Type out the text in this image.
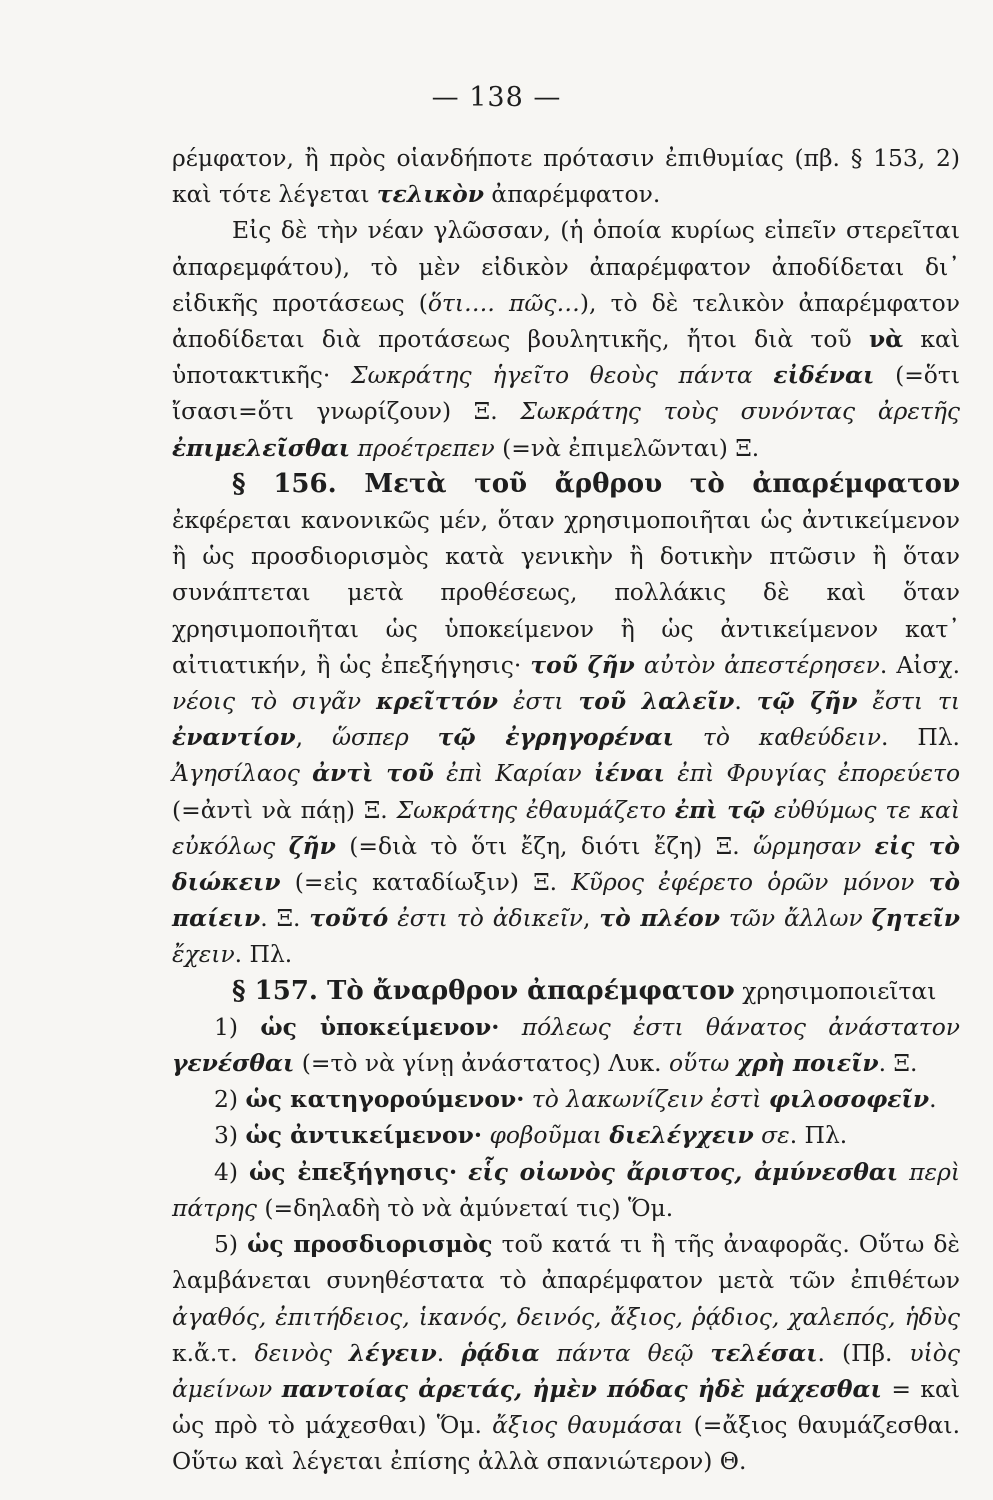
— 138 —

ρέμφατον, ἢ πρὸς οἱανδήποτε πρότασιν ἐπιθυμίας (πβ. § 153, 2) καὶ τότε λέγεται τελικὸν ἀπαρέμφατον.

Εἰς δὲ τὴν νέαν γλῶσσαν, (ἡ ὁποία κυρίως εἰπεῖν στερεῖται ἀπαρεμφάτου), τὸ μὲν εἰδικὸν ἀπαρέμφατον ἀποδίδεται δι᾽ εἰδικῆς προτάσεως (ὅτι…. πῶς…), τὸ δὲ τελικὸν ἀπαρέμφατον ἀποδίδεται διὰ προτάσεως βουλητικῆς, ἤτοι διὰ τοῦ νὰ καὶ ὑποτακτικῆς· Σωκράτης ἡγεῖτο θεοὺς πάντα εἰδέναι (=ὅτι ἴσασι=ὅτι γνωρίζουν) Ξ. Σωκράτης τοὺς συνόντας ἀρετῆς ἐπιμελεῖσθαι προέτρεπεν (=νὰ ἐπιμελῶνται) Ξ.

§ 156. Μετὰ τοῦ ἄρθρου τὸ ἀπαρέμφατον ἐκφέρεται κανονικῶς μέν, ὅταν χρησιμοποιῆται ὡς ἀντικείμενον ἢ ὡς προσδιορισμὸς κατὰ γενικὴν ἢ δοτικὴν πτῶσιν ἢ ὅταν συνάπτεται μετὰ προθέσεως, πολλάκις δὲ καὶ ὅταν χρησιμοποιῆται ὡς ὑποκείμενον ἢ ὡς ἀντικείμενον κατ᾽ αἰτιατικήν, ἢ ὡς ἐπεξήγησις· τοῦ ζῆν αὐτὸν ἀπεστέρησεν. Αἰσχ. νέοις τὸ σιγᾶν κρεῖττόν ἐστι τοῦ λαλεῖν. τῷ ζῆν ἔστι τι ἐναντίον, ὥσπερ τῷ ἐγρηγορέναι τὸ καθεύδειν. Πλ. Ἀγησίλαος ἀντὶ τοῦ ἐπὶ Καρίαν ἰέναι ἐπὶ Φρυγίας ἐπορεύετο (=ἀντὶ νὰ πάῃ) Ξ. Σωκράτης ἐθαυμάζετο ἐπὶ τῷ εὐθύμως τε καὶ εὐκόλως ζῆν (=διὰ τὸ ὅτι ἔζη, διότι ἔζη) Ξ. ὥρμησαν εἰς τὸ διώκειν (=εἰς καταδίωξιν) Ξ. Κῦρος ἐφέρετο ὁρῶν μόνον τὸ παίειν. Ξ. τοῦτό ἐστι τὸ ἀδικεῖν, τὸ πλέον τῶν ἄλλων ζητεῖν ἔχειν. Πλ.

§ 157. Τὸ ἄναρθρον ἀπαρέμφατον χρησιμοποιεῖται

1) ὡς ὑποκείμενον· πόλεως ἐστι θάνατος ἀνάστατον γενέσθαι (=τὸ νὰ γίνῃ ἀνάστατος) Λυκ. οὕτω χρὴ ποιεῖν. Ξ.

2) ὡς κατηγορούμενον· τὸ λακωνίζειν ἐστὶ φιλοσοφεῖν.

3) ὡς ἀντικείμενον· φοβοῦμαι διελέγχειν σε. Πλ.

4) ὡς ἐπεξήγησις· εἷς οἰωνὸς ἄριστος, ἀμύνεσθαι περὶ πάτρης (=δηλαδὴ τὸ νὰ ἀμύνεταί τις) Ὅμ.

5) ὡς προσδιορισμὸς τοῦ κατά τι ἢ τῆς ἀναφορᾶς. Οὕτω δὲ λαμβάνεται συνηθέστατα τὸ ἀπαρέμφατον μετὰ τῶν ἐπιθέτων ἀγαθός, ἐπιτήδειος, ἱκανός, δεινός, ἄξιος, ῥᾴδιος, χαλεπός, ἡδὺς κ.ἄ.τ. δεινὸς λέγειν. ῥᾴδια πάντα θεῷ τελέσαι. (Πβ. υἱὸς ἀμείνων παντοίας ἀρετάς, ἠμὲν πόδας ἠδὲ μάχεσθαι = καὶ ὡς πρὸ τὸ μάχεσθαι) Ὅμ. ἄξιος θαυμάσαι (=ἄξιος θαυμάζεσθαι. Οὕτω καὶ λέγεται ἐπίσης ἀλλὰ σπανιώτερον) Θ.
